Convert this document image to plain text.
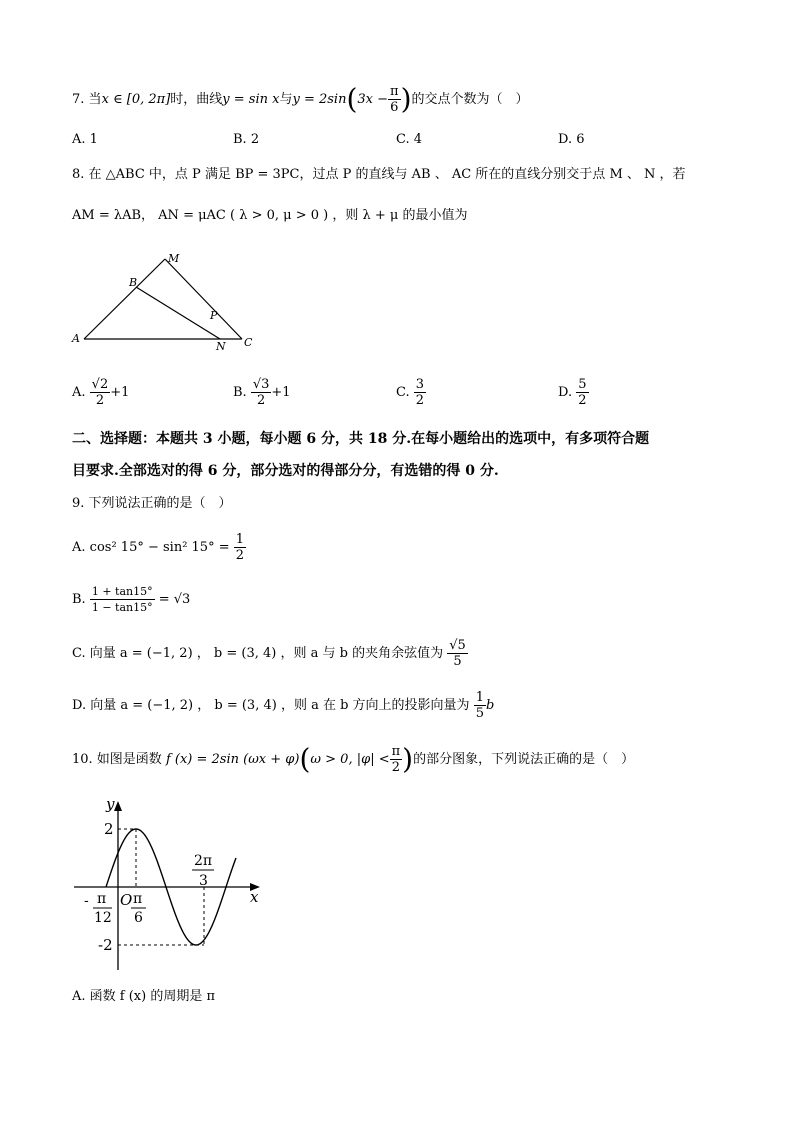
7. 当x ∈ [0, 2π]时，曲线y = sin x与$y = 2\sin(3x - \frac{\pi}{6}$ )的交点个数为（　）
A. 1	B. 2	C. 4	D. 6
8. 在 △ABC 中，点 P 满足 BP = 3PC，过点 P 的直线与 AB 、 AC 所在的直线分别交于点 M 、 N ，若
AM = λAB， AN = μAC ( λ > 0, μ > 0 ) ，则 λ + μ 的最小值为
A
B
M
P
N C
A. $\frac{√2}{2} +1$	B. $\frac{√3}{2} +1$	C. $\frac{3}{2}$	D. $\frac{5}{2}$
二、选择题：本题共 3 小题，每小题 6 分，共 18 分.在每小题给出的选项中，有多项符合题
目要求.全部选对的得 6 分，部分选对的得部分分，有选错的得 0 分.
9. 下列说法正确的是（　）
A. cos² 15° − sin² $15^\circ = \frac{1}{2}$
B. $\frac{1 + \tan 15^\circ}{1 - \tan 15^\circ} = √3$
C. 向量 a = (−1, 2) ， b = (3, 4) ，则 a 与 b 的夹角余弦值为 $\frac{√5}{5}$
D. 向量 a = (−1, 2) ， b = (3, 4) ，则 a 在 b 方向上的投影向量为 $\frac{1}{5}$ b
10. 如图是函数 f (x) = 2sin (ωx + φ)(ω > 0, $|\varphi| < \frac{\pi}{2}$ )的部分图象，下列说法正确的是（　）
y
x
O
2
-2
- π
12
π
6
2π
3
A. 函数 f (x) 的周期是 π
